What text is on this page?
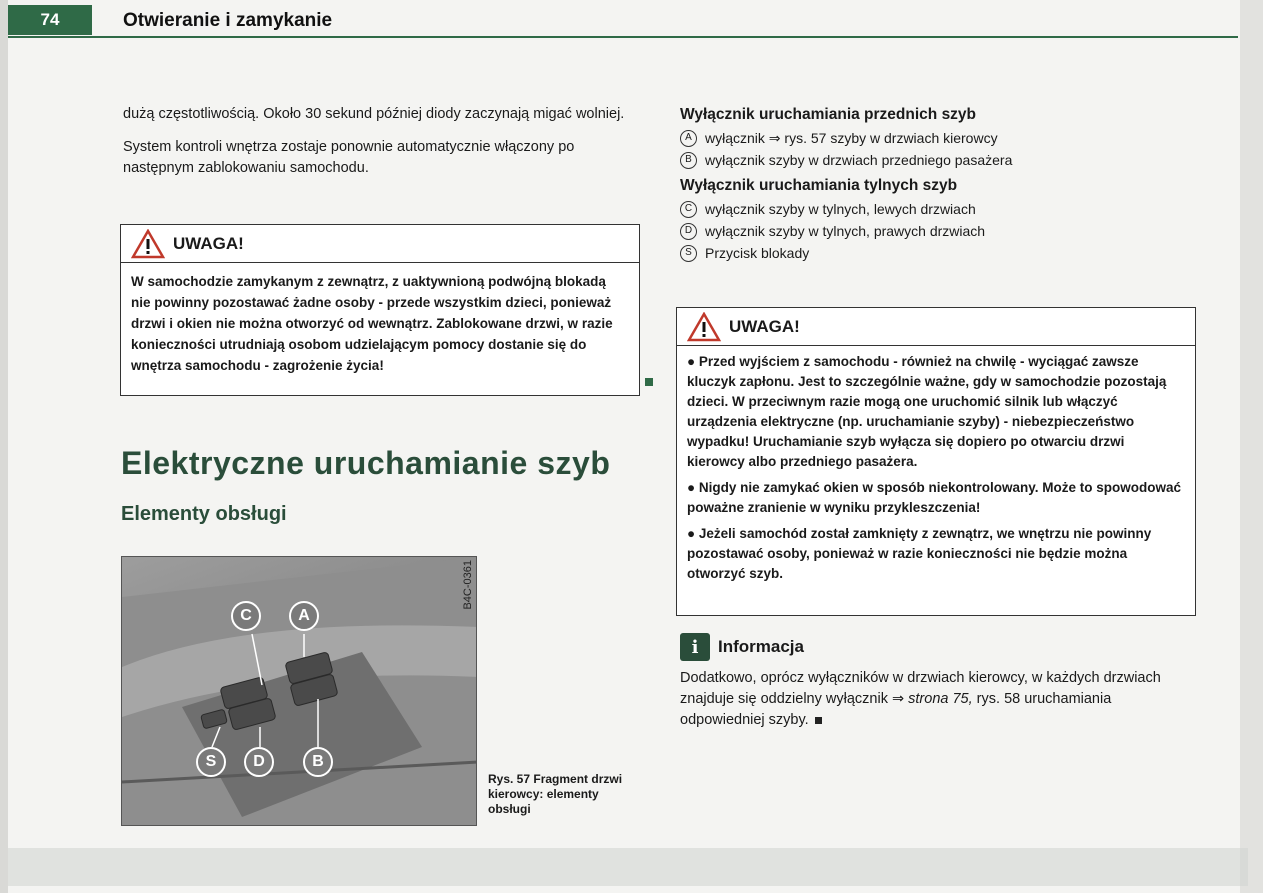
74	Otwieranie i zamykanie

dużą częstotliwością. Około 30 sekund później diody zaczynają migać wolniej.

System kontroli wnętrza zostaje ponownie automatycznie włączony po następnym zablokowaniu samochodu.

UWAGA!
W samochodzie zamykanym z zewnątrz, z uaktywnioną podwójną blokadą nie powinny pozostawać żadne osoby - przede wszystkim dzieci, ponieważ drzwi i okien nie można otworzyć od wewnątrz. Zablokowane drzwi, w razie konieczności utrudniają osobom udzielającym pomocy dostanie się do wnętrza samochodu - zagrożenie życia!
Elektryczne uruchamianie szyb
Elementy obsługi
C	A
S	D	B
B4C-0361
Rys. 57 Fragment drzwi kierowcy: elementy obsługi
Wyłącznik uruchamiania przednich szyb
A wyłącznik ⇒ rys. 57 szyby w drzwiach kierowcy
B wyłącznik szyby w drzwiach przedniego pasażera
Wyłącznik uruchamiania tylnych szyb
C wyłącznik szyby w tylnych, lewych drzwiach
D wyłącznik szyby w tylnych, prawych drzwiach
S Przycisk blokady
UWAGA!

● Przed wyjściem z samochodu - również na chwilę - wyciągać zawsze kluczyk zapłonu. Jest to szczególnie ważne, gdy w samochodzie pozostają dzieci. W przeciwnym razie mogą one uruchomić silnik lub włączyć urządzenia elektryczne (np. uruchamianie szyby) - niebezpieczeństwo wypadku! Uruchamianie szyb wyłącza się dopiero po otwarciu drzwi kierowcy albo przedniego pasażera.

● Nigdy nie zamykać okien w sposób niekontrolowany. Może to spowodować poważne zranienie w wyniku przykleszczenia!

● Jeżeli samochód został zamknięty z zewnątrz, we wnętrzu nie powinny pozostawać osoby, ponieważ w razie konieczności nie będzie można otworzyć szyb.

i	Informacja
Dodatkowo, oprócz wyłączników w drzwiach kierowcy, w każdych drzwiach znajduje się oddzielny wyłącznik ⇒ strona 75, rys. 58 uruchamiania odpowiedniej szyby.
